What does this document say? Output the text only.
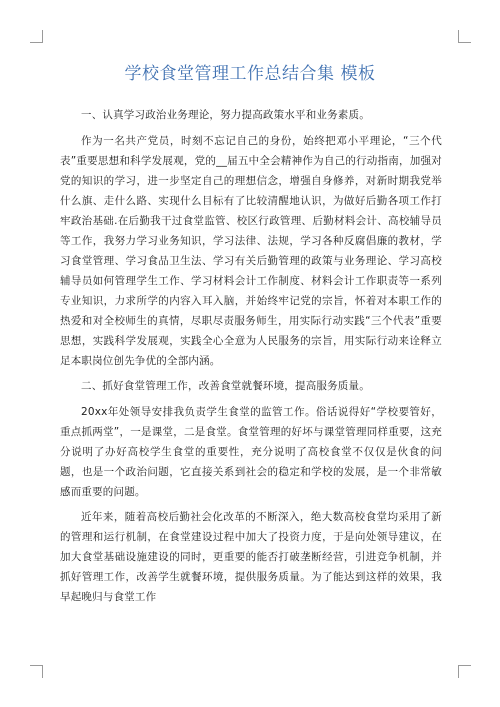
学校食堂管理工作总结合集 模板

一、认真学习政治业务理论，努力提高政策水平和业务素质。

作为一名共产党员，时刻不忘记自己的身份，始终把邓小平理论，“三个代表”重要思想和科学发展观，党的__届五中全会精神作为自己的行动指南，加强对党的知识的学习，进一步坚定自己的理想信念，增强自身修养，对新时期我党举什么旗、走什么路、实现什么目标有了比较清醒地认识，为做好后勤各项工作打牢政治基础.在后勤我干过食堂监管、校区行政管理、后勤材料会计、高校辅导员等工作，我努力学习业务知识，学习法律、法规，学习各种反腐倡廉的教材，学习食堂管理、学习食品卫生法、学习有关后勤管理的政策与业务理论、学习高校辅导员如何管理学生工作、学习材料会计工作制度、材料会计工作职责等一系列专业知识，力求所学的内容入耳入脑，并始终牢记党的宗旨，怀着对本职工作的热爱和对全校师生的真情，尽职尽责服务师生，用实际行动实践“三个代表”重要思想，实践科学发展观，实践全心全意为人民服务的宗旨，用实际行动来诠释立足本职岗位创先争优的全部内涵。

二、抓好食堂管理工作，改善食堂就餐环境，提高服务质量。

20xx年处领导安排我负责学生食堂的监管工作。俗话说得好“学校要管好，重点抓两堂”，一是课堂，二是食堂。食堂管理的好坏与课堂管理同样重要，这充分说明了办好高校学生食堂的重要性，充分说明了高校食堂不仅仅是伙食的问题，也是一个政治问题，它直接关系到社会的稳定和学校的发展，是一个非常敏感而重要的问题。

近年来，随着高校后勤社会化改革的不断深入，绝大数高校食堂均采用了新的管理和运行机制，在食堂建设过程中加大了投资力度，于是向处领导建议，在加大食堂基础设施建设的同时，更重要的能否打破垄断经营，引进竞争机制，并抓好管理工作，改善学生就餐环境，提供服务质量。为了能达到这样的效果，我早起晚归与食堂工作
